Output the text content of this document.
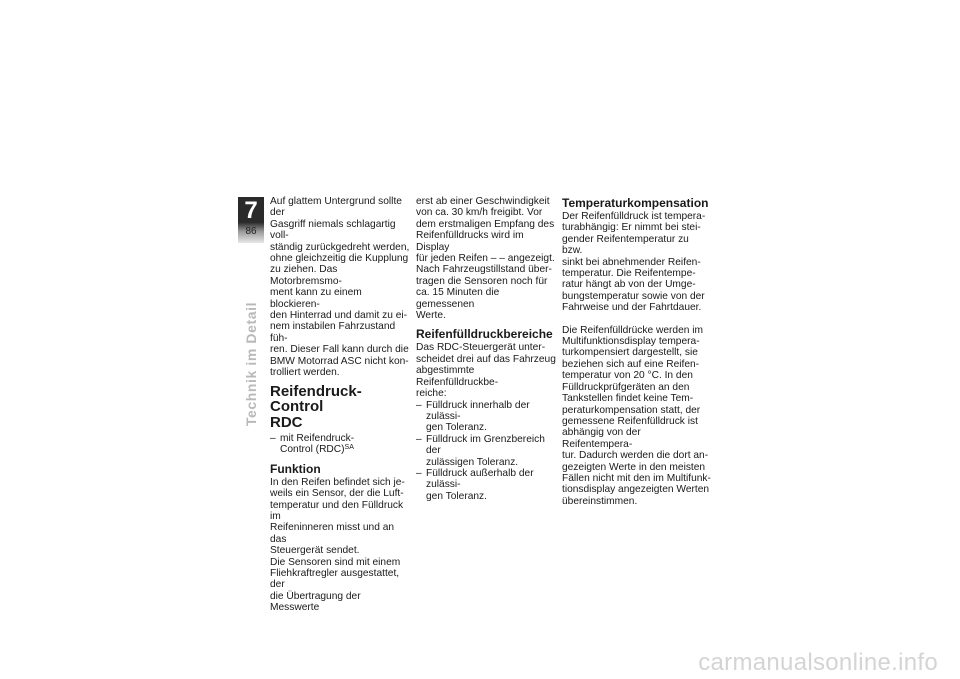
7
86
Technik im Detail

Auf glattem Untergrund sollte der
Gasgriff niemals schlagartig voll-
ständig zurückgedreht werden,
ohne gleichzeitig die Kupplung
zu ziehen. Das Motorbremsmo-
ment kann zu einem blockieren-
den Hinterrad und damit zu ei-
nem instabilen Fahrzustand füh-
ren. Dieser Fall kann durch die
BMW Motorrad ASC nicht kon-
trolliert werden.

Reifendruck-Control
RDC
– mit Reifendruck-
Control (RDC)$^{SA}$
Funktion

In den Reifen befindet sich je-
weils ein Sensor, der die Luft-
temperatur und den Fülldruck im
Reifeninneren misst und an das
Steuergerät sendet.
Die Sensoren sind mit einem
Fliehkraftregler ausgestattet, der
die Übertragung der Messwerte

erst ab einer Geschwindigkeit
von ca. 30 km/h freigibt. Vor
dem erstmaligen Empfang des
Reifenfülldrucks wird im Display
für jeden Reifen – – angezeigt.
Nach Fahrzeugstillstand über-
tragen die Sensoren noch für
ca. 15 Minuten die gemessenen
Werte.

Reifenfülldruckbereiche

Das RDC-Steuergerät unter-
scheidet drei auf das Fahrzeug
abgestimmte Reifenfülldruckbe-
reiche:

– Fülldruck innerhalb der zulässi-
gen Toleranz.
– Fülldruck im Grenzbereich der
zulässigen Toleranz.
– Fülldruck außerhalb der zulässi-
gen Toleranz.
Temperaturkompensation

Der Reifenfülldruck ist tempera-
turabhängig: Er nimmt bei stei-
gender Reifentemperatur zu bzw.
sinkt bei abnehmender Reifen-
temperatur. Die Reifentempe-
ratur hängt ab von der Umge-
bungstemperatur sowie von der
Fahrweise und der Fahrtdauer.

Die Reifenfülldrücke werden im
Multifunktionsdisplay tempera-
turkompensiert dargestellt, sie
beziehen sich auf eine Reifen-
temperatur von 20 °C. In den
Fülldruckprüfgeräten an den
Tankstellen findet keine Tem-
peraturkompensation statt, der
gemessene Reifenfülldruck ist
abhängig von der Reifentempera-
tur. Dadurch werden die dort an-
gezeigten Werte in den meisten
Fällen nicht mit den im Multifunk-
tionsdisplay angezeigten Werten
übereinstimmen.

carmanualsonline.info
